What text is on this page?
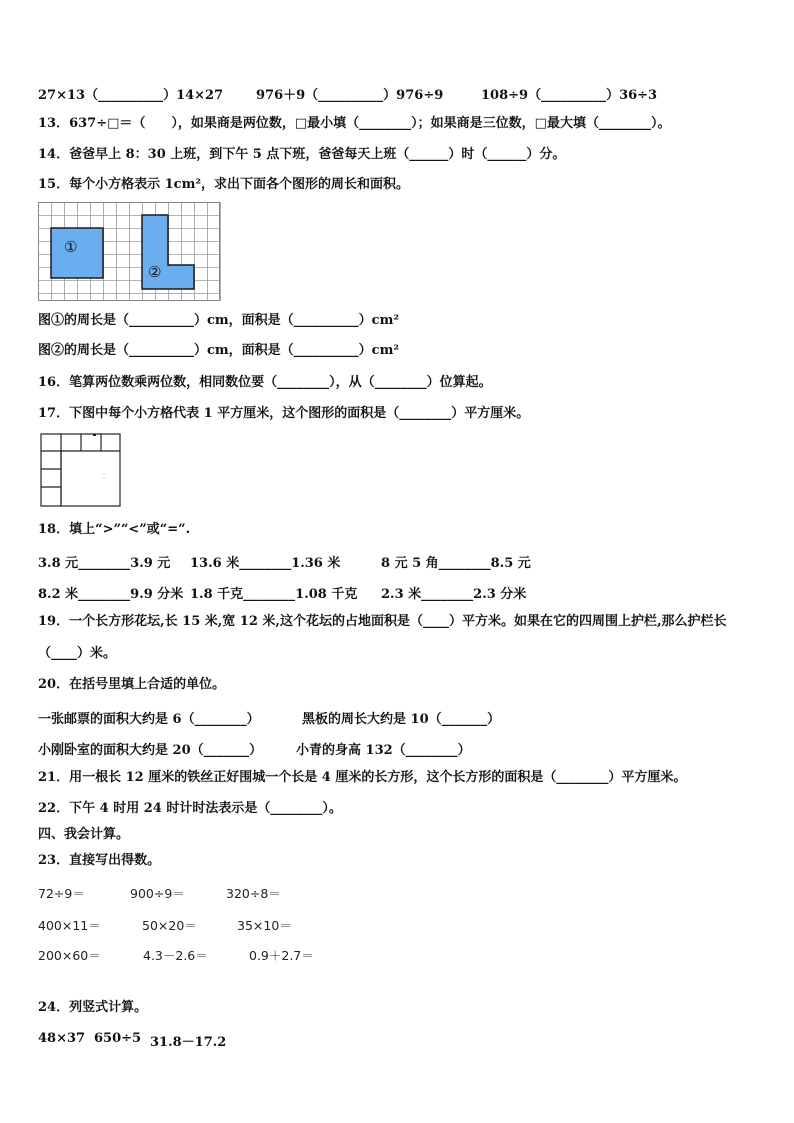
27×13（__________）14×27	976＋9（__________）976÷9	108÷9（__________）36÷3
13．637÷□＝（　　），如果商是两位数，□最小填（________）；如果商是三位数，□最大填（________）。
14．爸爸早上 8：30 上班，到下午 5 点下班，爸爸每天上班（______）时（______）分。
15．每个小方格表示 1cm²，求出下面各个图形的周长和面积。
①
②
图①的周长是（__________）cm，面积是（__________）cm²
图②的周长是（__________）cm，面积是（__________）cm²
16．笔算两位数乘两位数，相同数位要（________），从（________）位算起。
17．下图中每个小方格代表 1 平方厘米，这个图形的面积是（________）平方厘米。
18．填上“>”“<”或“=”.
3.8 元________3.9 元 13.6 米________1.36 米	8 元 5 角________8.5 元
8.2 米________9.9 分米 1.8 千克________1.08 千克 2.3 米________2.3 分米
19．一个长方形花坛,长 15 米,宽 12 米,这个花坛的占地面积是（____）平方米。如果在它的四周围上护栏,那么护栏长
（____）米。
20．在括号里填上合适的单位。
一张邮票的面积大约是 6（________）	黑板的周长大约是 10（_______）
小刚卧室的面积大约是 20（_______）	小青的身高 132（________）
21．用一根长 12 厘米的铁丝正好围城一个长是 4 厘米的长方形，这个长方形的面积是（________）平方厘米。
22．下午 4 时用 24 时计时法表示是（________）。
四、我会计算。
23．直接写出得数。
72÷9＝	900÷9＝	320÷8＝
400×11＝	50×20＝	35×10＝
200×60＝	4.3－2.6＝	0.9＋2.7＝
24．列竖式计算。
48×37 650÷5 31.8－17.2
